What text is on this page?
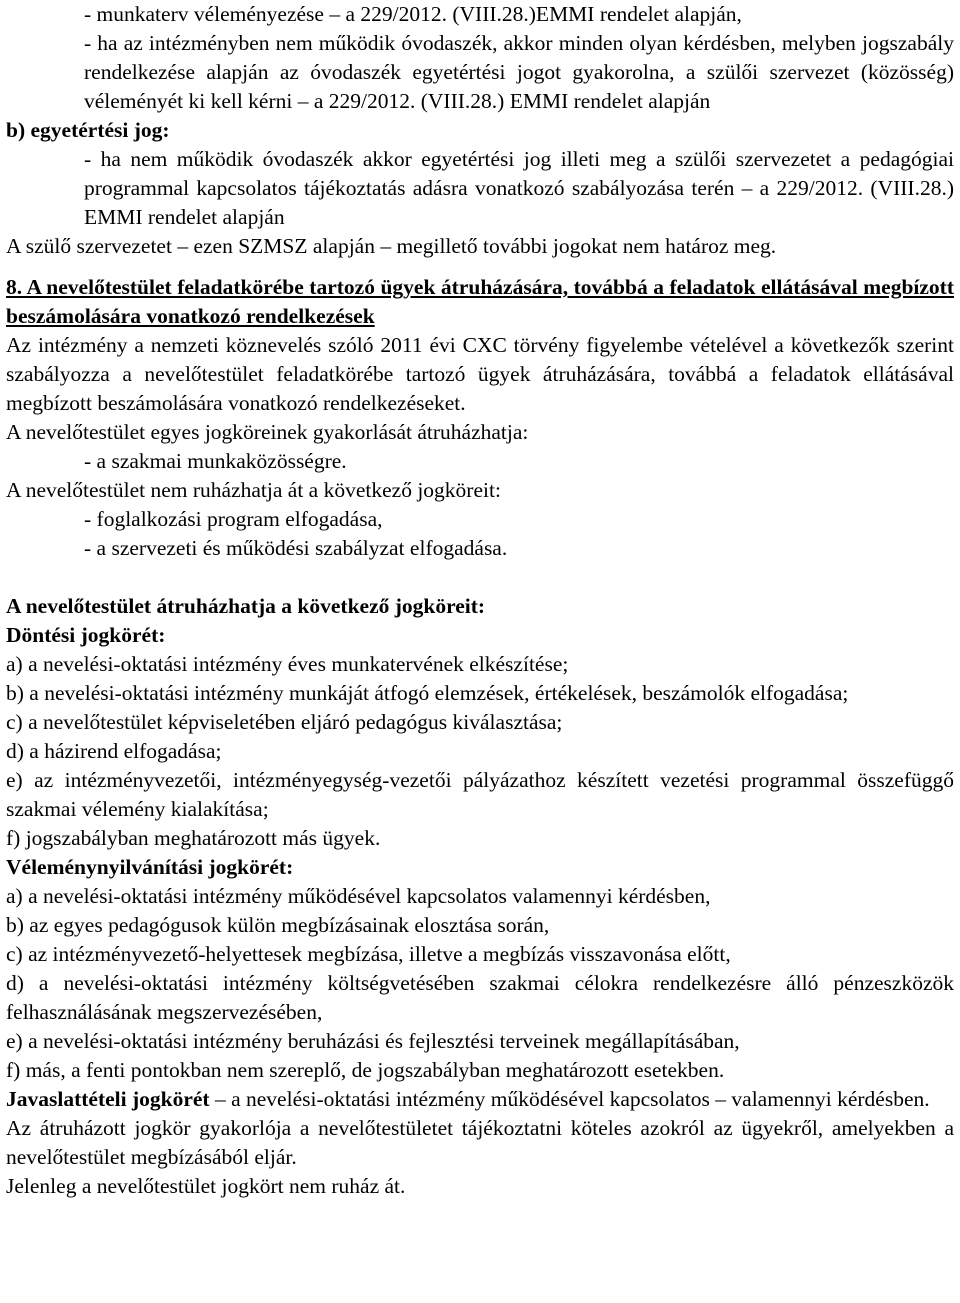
- munkaterv véleményezése – a 229/2012. (VIII.28.)EMMI rendelet alapján,

- ha az intézményben nem működik óvodaszék, akkor minden olyan kérdésben, melyben jogszabály rendelkezése alapján az óvodaszék egyetértési jogot gyakorolna, a szülői szervezet (közösség) véleményét ki kell kérni – a 229/2012. (VIII.28.) EMMI rendelet alapján

b) egyetértési jog:

- ha nem működik óvodaszék akkor egyetértési jog illeti meg a szülői szervezetet a pedagógiai programmal kapcsolatos tájékoztatás adásra vonatkozó szabályozása terén – a 229/2012. (VIII.28.) EMMI rendelet alapján

A szülő szervezetet – ezen SZMSZ alapján – megillető további jogokat nem határoz meg.

8. A nevelőtestület feladatkörébe tartozó ügyek átruházására, továbbá a feladatok ellátásával megbízott beszámolására vonatkozó rendelkezések

Az intézmény a nemzeti köznevelés szóló 2011 évi CXC törvény figyelembe vételével a következők szerint szabályozza a nevelőtestület feladatkörébe tartozó ügyek átruházására, továbbá a feladatok ellátásával megbízott beszámolására vonatkozó rendelkezéseket.

A nevelőtestület egyes jogköreinek gyakorlását átruházhatja:

- a szakmai munkaközösségre.

A nevelőtestület nem ruházhatja át a következő jogköreit:

- foglalkozási program elfogadása,

- a szervezeti és működési szabályzat elfogadása.

A nevelőtestület átruházhatja a következő jogköreit:

Döntési jogkörét:

a) a nevelési-oktatási intézmény éves munkatervének elkészítése;

b) a nevelési-oktatási intézmény munkáját átfogó elemzések, értékelések, beszámolók elfogadása;

c) a nevelőtestület képviseletében eljáró pedagógus kiválasztása;

d) a házirend elfogadása;

e) az intézményvezetői, intézményegység-vezetői pályázathoz készített vezetési programmal összefüggő szakmai vélemény kialakítása;

f) jogszabályban meghatározott más ügyek.

Véleménynyilvánítási jogkörét:

a) a nevelési-oktatási intézmény működésével kapcsolatos valamennyi kérdésben,

b) az egyes pedagógusok külön megbízásainak elosztása során,

c) az intézményvezető-helyettesek megbízása, illetve a megbízás visszavonása előtt,

d) a nevelési-oktatási intézmény költségvetésében szakmai célokra rendelkezésre álló pénzeszközök felhasználásának megszervezésében,

e) a nevelési-oktatási intézmény beruházási és fejlesztési terveinek megállapításában,

f) más, a fenti pontokban nem szereplő, de jogszabályban meghatározott esetekben.

Javaslattételi jogkörét – a nevelési-oktatási intézmény működésével kapcsolatos – valamennyi kérdésben.

Az átruházott jogkör gyakorlója a nevelőtestületet tájékoztatni köteles azokról az ügyekről, amelyekben a nevelőtestület megbízásából eljár.

Jelenleg a nevelőtestület jogkört nem ruház át.
